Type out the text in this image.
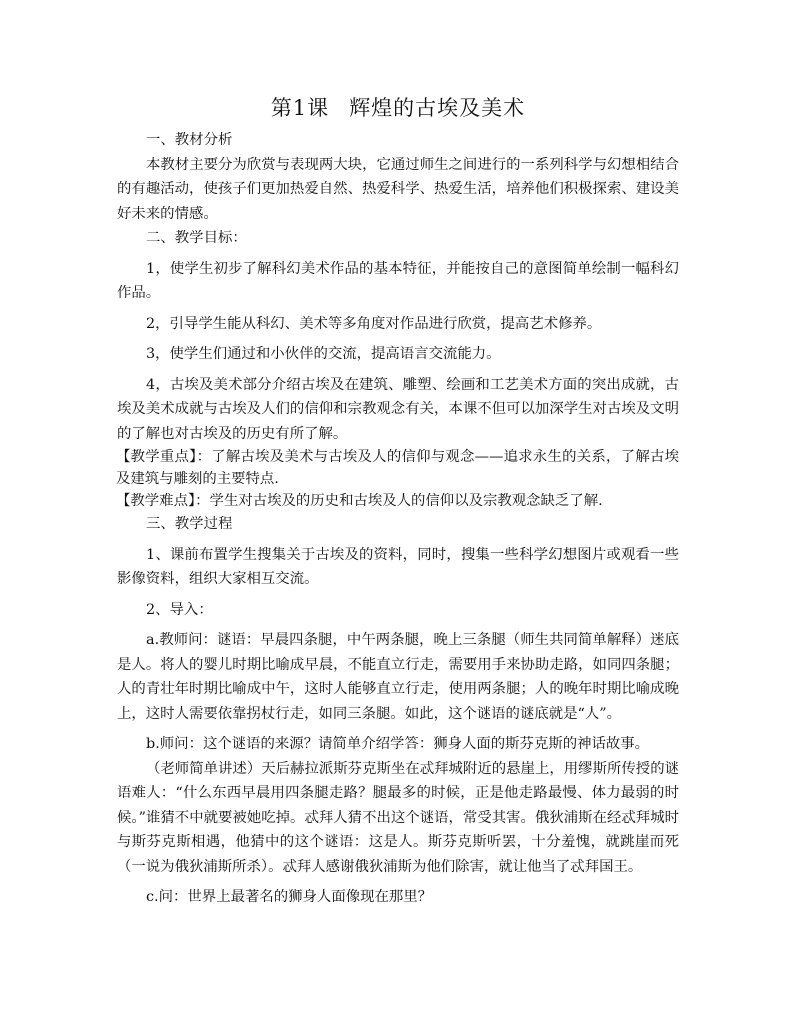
第1课 辉煌的古埃及美术

一、教材分析

本教材主要分为欣赏与表现两大块，它通过师生之间进行的一系列科学与幻想相结合的有趣活动，使孩子们更加热爱自然、热爱科学、热爱生活，培养他们积极探索、建设美好未来的情感。

二、教学目标：

1，使学生初步了解科幻美术作品的基本特征，并能按自己的意图简单绘制一幅科幻作品。

2，引导学生能从科幻、美术等多角度对作品进行欣赏，提高艺术修养。

3，使学生们通过和小伙伴的交流，提高语言交流能力。

4，古埃及美术部分介绍古埃及在建筑、雕塑、绘画和工艺美术方面的突出成就，古埃及美术成就与古埃及人们的信仰和宗教观念有关，本课不但可以加深学生对古埃及文明的了解也对古埃及的历史有所了解。

【教学重点】：了解古埃及美术与古埃及人的信仰与观念——追求永生的关系，了解古埃及建筑与雕刻的主要特点.

【教学难点】：学生对古埃及的历史和古埃及人的信仰以及宗教观念缺乏了解.

三、教学过程

1、课前布置学生搜集关于古埃及的资料，同时，搜集一些科学幻想图片或观看一些影像资料，组织大家相互交流。

2、导入：

a.教师问：谜语：早晨四条腿，中午两条腿，晚上三条腿（师生共同简单解释）迷底是人。将人的婴儿时期比喻成早晨，不能直立行走，需要用手来协助走路，如同四条腿；人的青壮年时期比喻成中午，这时人能够直立行走，使用两条腿；人的晚年时期比喻成晚上，这时人需要依靠拐杖行走，如同三条腿。如此，这个谜语的谜底就是“人”。

b.师问：这个谜语的来源？请简单介绍学答：狮身人面的斯芬克斯的神话故事。

（老师简单讲述）天后赫拉派斯芬克斯坐在忒拜城附近的悬崖上，用缪斯所传授的谜语难人：“什么东西早晨用四条腿走路？腿最多的时候，正是他走路最慢、体力最弱的时候。”谁猜不中就要被她吃掉。忒拜人猜不出这个谜语，常受其害。俄狄浦斯在经忒拜城时与斯芬克斯相遇，他猜中的这个谜语：这是人。斯芬克斯听罢，十分羞愧，就跳崖而死（一说为俄狄浦斯所杀）。忒拜人感谢俄狄浦斯为他们除害，就让他当了忒拜国王。

c.问：世界上最著名的狮身人面像现在那里？
